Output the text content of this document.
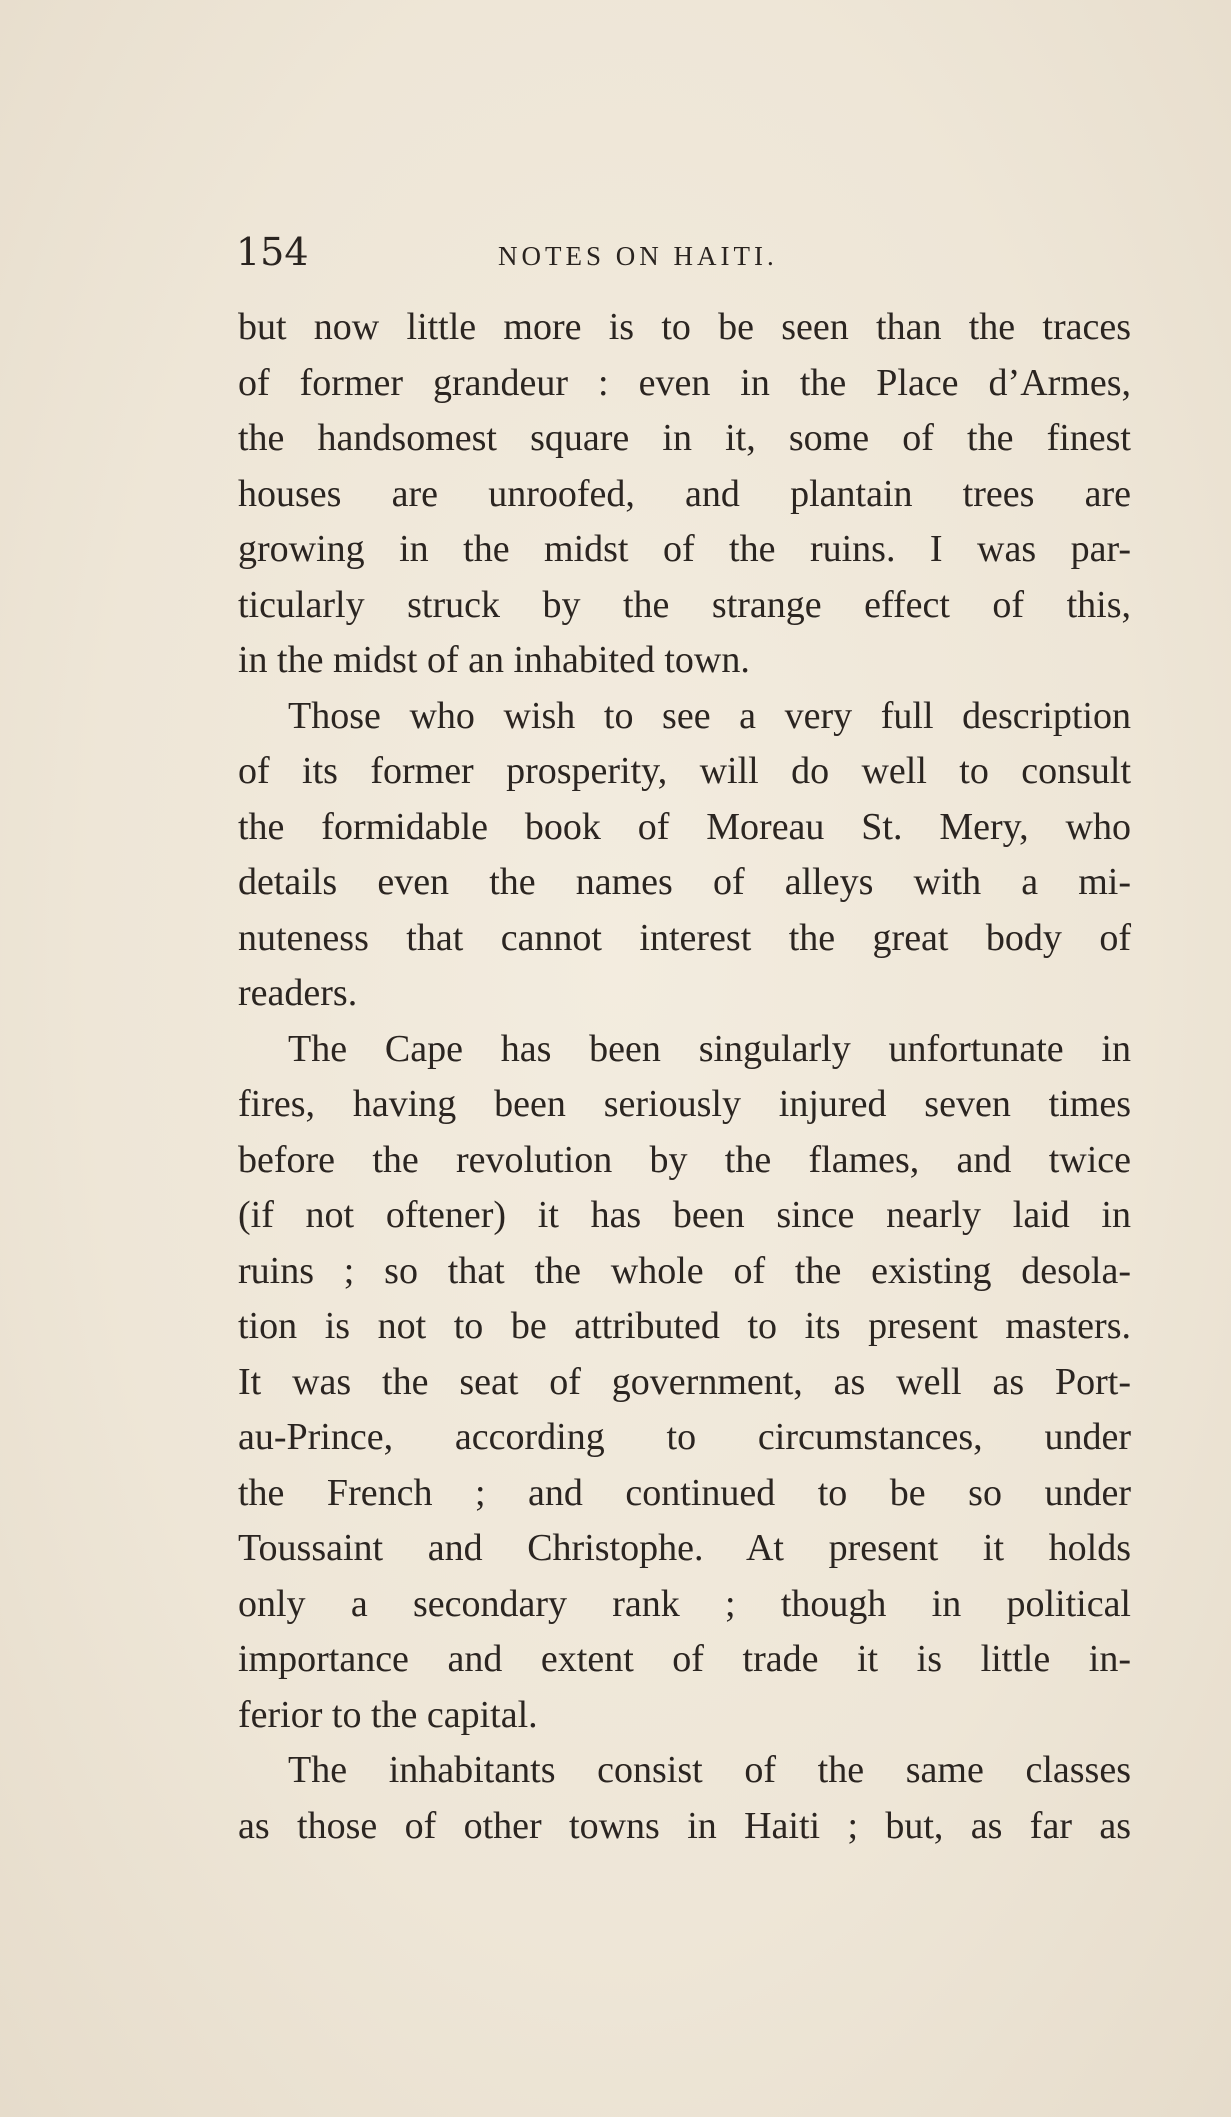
154	NOTES ON HAITI.
but now little more is to be seen than the traces
of former grandeur : even in the Place d’Armes,
the handsomest square in it, some of the finest
houses are unroofed, and plantain trees are
growing in the midst of the ruins. I was par-
ticularly struck by the strange effect of this,
in the midst of an inhabited town.
Those who wish to see a very full description
of its former prosperity, will do well to consult
the formidable book of Moreau St. Mery, who
details even the names of alleys with a mi-
nuteness that cannot interest the great body of
readers.
The Cape has been singularly unfortunate in
fires, having been seriously injured seven times
before the revolution by the flames, and twice
(if not oftener) it has been since nearly laid in
ruins ; so that the whole of the existing desola-
tion is not to be attributed to its present masters.
It was the seat of government, as well as Port-
au-Prince, according to circumstances, under
the French ; and continued to be so under
Toussaint and Christophe. At present it holds
only a secondary rank ; though in political
importance and extent of trade it is little in-
ferior to the capital.
The inhabitants consist of the same classes
as those of other towns in Haiti ; but, as far as
